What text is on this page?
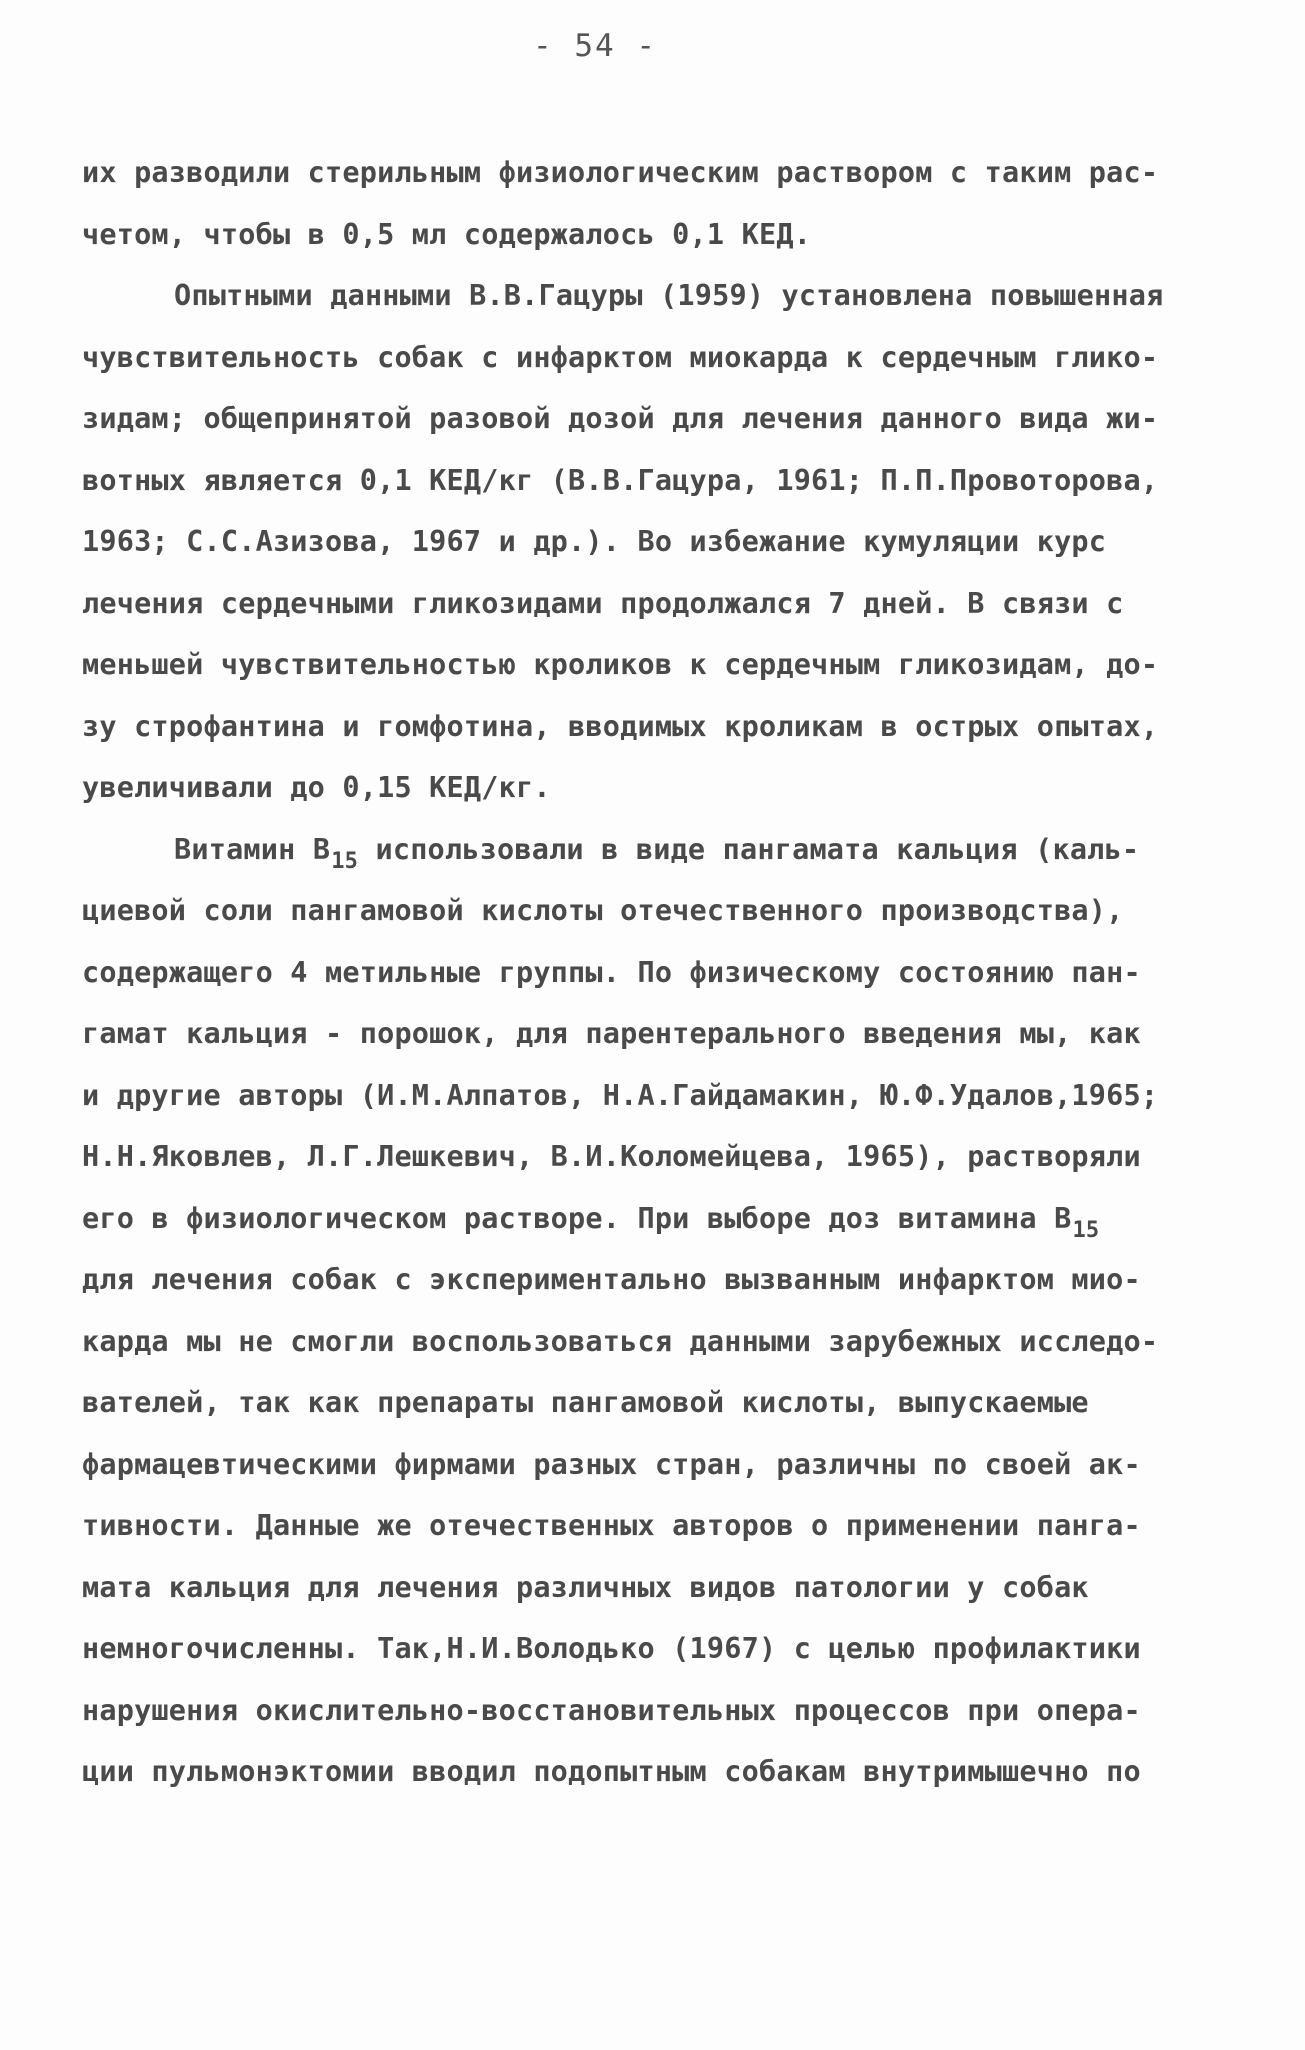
- 54 -
их разводили стерильным физиологическим раствором с таким рас-
четом, чтобы в 0,5 мл содержалось 0,1 КЕД.
Опытными данными В.В.Гацуры (1959) установлена повышенная
чувствительность собак с инфарктом миокарда к сердечным глико-
зидам; общепринятой разовой дозой для лечения данного вида жи-
вотных является 0,1 КЕД/кг (В.В.Гацура, 1961; П.П.Провоторова,
1963; С.С.Азизова, 1967 и др.). Во избежание кумуляции курс
лечения сердечными гликозидами продолжался 7 дней. В связи с
меньшей чувствительностью кроликов к сердечным гликозидам, до-
зу строфантина и гомфотина, вводимых кроликам в острых опытах,
увеличивали до 0,15 КЕД/кг.
Витамин $B_{15}$ использовали в виде пангамата кальция (каль-
циевой соли пангамовой кислоты отечественного производства),
содержащего 4 метильные группы. По физическому состоянию пан-
гамат кальция - порошок, для парентерального введения мы, как
и другие авторы (И.М.Алпатов, Н.А.Гайдамакин, Ю.Ф.Удалов,1965;
Н.Н.Яковлев, Л.Г.Лешкевич, В.И.Коломейцева, 1965), растворяли
его в физиологическом растворе. При выборе доз витамина $B_{15}$
для лечения собак с экспериментально вызванным инфарктом мио-
карда мы не смогли воспользоваться данными зарубежных исследо-
вателей, так как препараты пангамовой кислоты, выпускаемые
фармацевтическими фирмами разных стран, различны по своей ак-
тивности. Данные же отечественных авторов о применении панга-
мата кальция для лечения различных видов патологии у собак
немногочисленны. Так,Н.И.Володько (1967) с целью профилактики
нарушения окислительно-восстановительных процессов при опера-
ции пульмонэктомии вводил подопытным собакам внутримышечно по
